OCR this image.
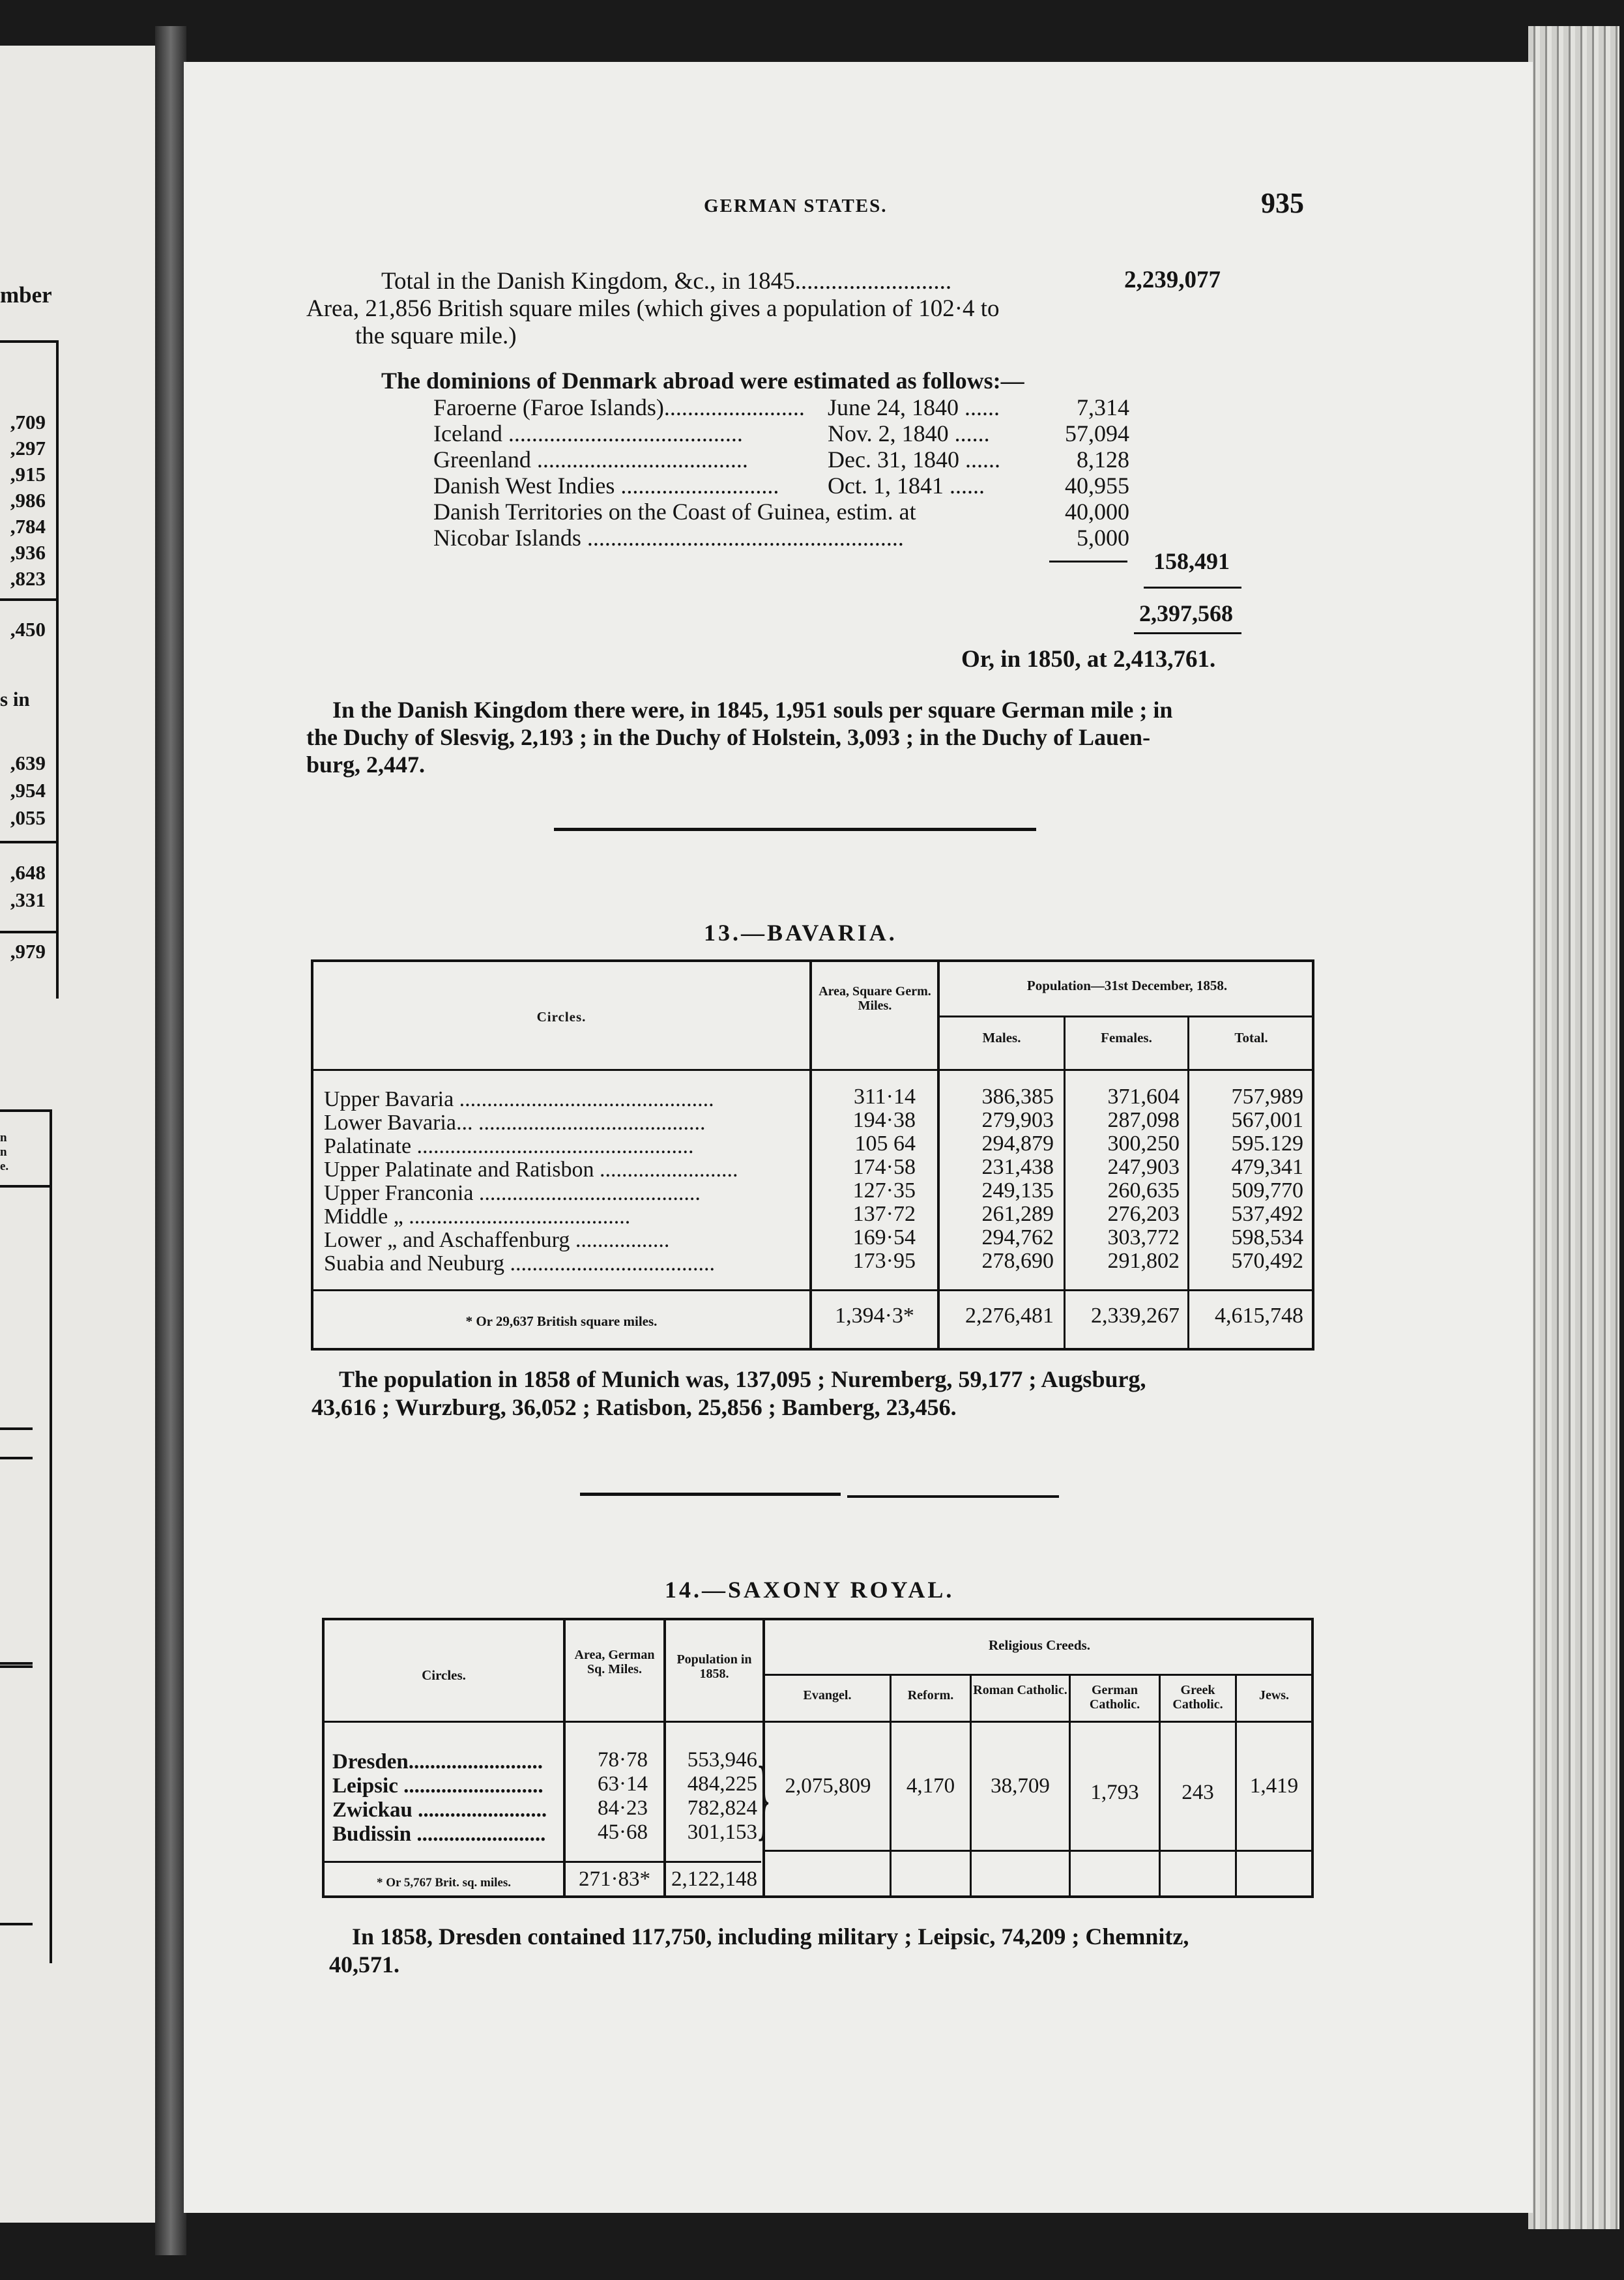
mber
,709
,297
,915
,986
,784
,936
,823
,450
s in
,639
,954
,055
,648
,331
,979
n
n
e.
GERMAN STATES.	935
Total in the Danish Kingdom, &c., in 1845..........................	2,239,077
Area, 21,856 British square miles (which gives a population of 102·4 to
the square mile.)
The dominions of Denmark abroad were estimated as follows:—
Faroerne (Faroe Islands)........................ June 24, 1840 ......	7,314
Iceland ........................................	Nov. 2, 1840 ......	57,094
Greenland ....................................	Dec. 31, 1840 ......	8,128
Danish West Indies ........................... Oct. 1, 1841 ......	40,955
Danish Territories on the Coast of Guinea, estim. at	40,000
Nicobar Islands ......................................................	5,000
158,491
2,397,568
Or, in 1850, at 2,413,761.
In the Danish Kingdom there were, in 1845, 1,951 souls per square German mile ; in
the Duchy of Slesvig, 2,193 ; in the Duchy of Holstein, 3,093 ; in the Duchy of Lauen-
burg, 2,447.
13.—BAVARIA.
Circles.
Area, Square Germ. Miles.
Population—31st December, 1858.
Males.	Females.	Total.
Upper Bavaria ..............................................	311·14	386,385	371,604	757,989
Lower Bavaria... .........................................	194·38	279,903	287,098	567,001
Palatinate ..................................................	105 64	294,879	300,250	595.129
Upper Palatinate and Ratisbon .........................	174·58	231,438	247,903	479,341
Upper Franconia ........................................	127·35	249,135	260,635	509,770
Middle „ ........................................	137·72	261,289	276,203	537,492
Lower „ and Aschaffenburg .................	169·54	294,762	303,772	598,534
Suabia and Neuburg .....................................	173·95	278,690	291,802	570,492
* Or 29,637 British square miles.	1,394·3*	2,276,481	2,339,267	4,615,748
The population in 1858 of Munich was, 137,095 ; Nuremberg, 59,177 ; Augsburg,
43,616 ; Wurzburg, 36,052 ; Ratisbon, 25,856 ; Bamberg, 23,456.
14.—SAXONY ROYAL.
Circles.
Area, German Sq. Miles.
Population in 1858.
Religious Creeds.
Evangel.	Reform.	Roman Catholic.	German Catholic.
Greek Catholic.
Jews.
Dresden.........................	78·78	553,946
Leipsic ..........................	63·14	484,225
Zwickau ........................	84·23	782,824
Budissin ........................	45·68	301,153
} 2,075,809	4,170	38,709	1,793	243	1,419
* Or 5,767 Brit. sq. miles.	271·83* 2,122,148
In 1858, Dresden contained 117,750, including military ; Leipsic, 74,209 ; Chemnitz,
40,571.
